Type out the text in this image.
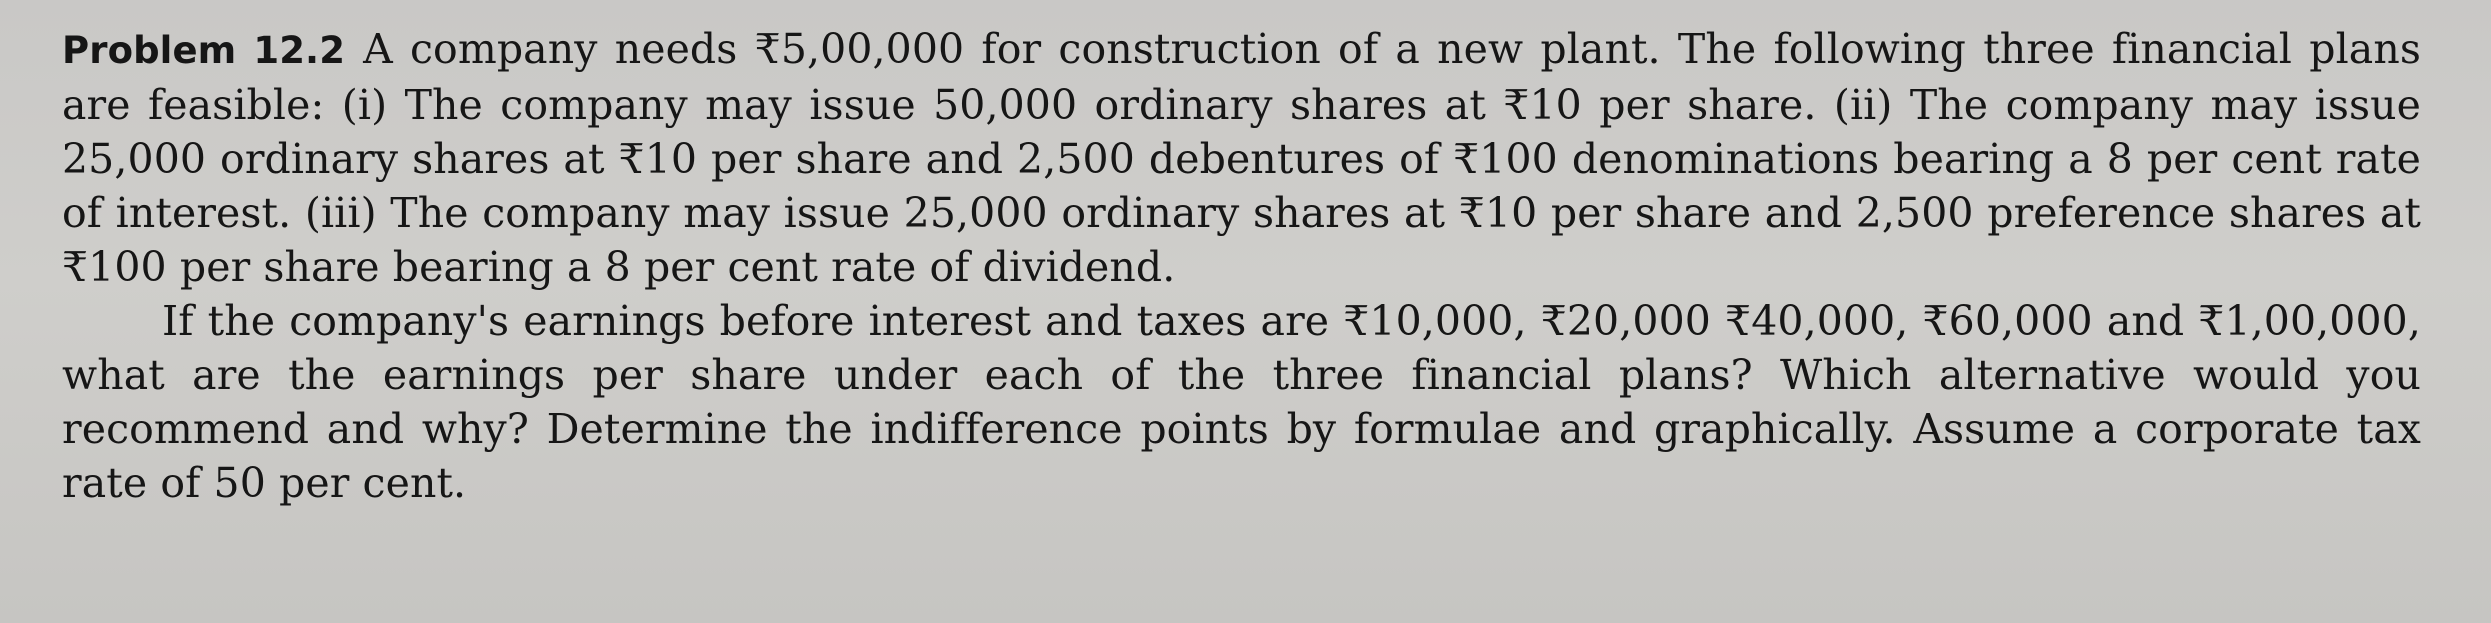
Problem 12.2 A company needs ₹5,00,000 for construction of a new plant. The following three financial plans are feasible: (i) The company may issue 50,000 ordinary shares at ₹10 per share. (ii) The company may issue 25,000 ordinary shares at ₹10 per share and 2,500 debentures of ₹100 denominations bearing a 8 per cent rate of interest. (iii) The company may issue 25,000 ordinary shares at ₹10 per share and 2,500 preference shares at ₹100 per share bearing a 8 per cent rate of dividend.

If the company's earnings before interest and taxes are ₹10,000, ₹20,000 ₹40,000, ₹60,000 and ₹1,00,000, what are the earnings per share under each of the three financial plans? Which alternative would you recommend and why? Determine the indifference points by formulae and graphically. Assume a corporate tax rate of 50 per cent.
